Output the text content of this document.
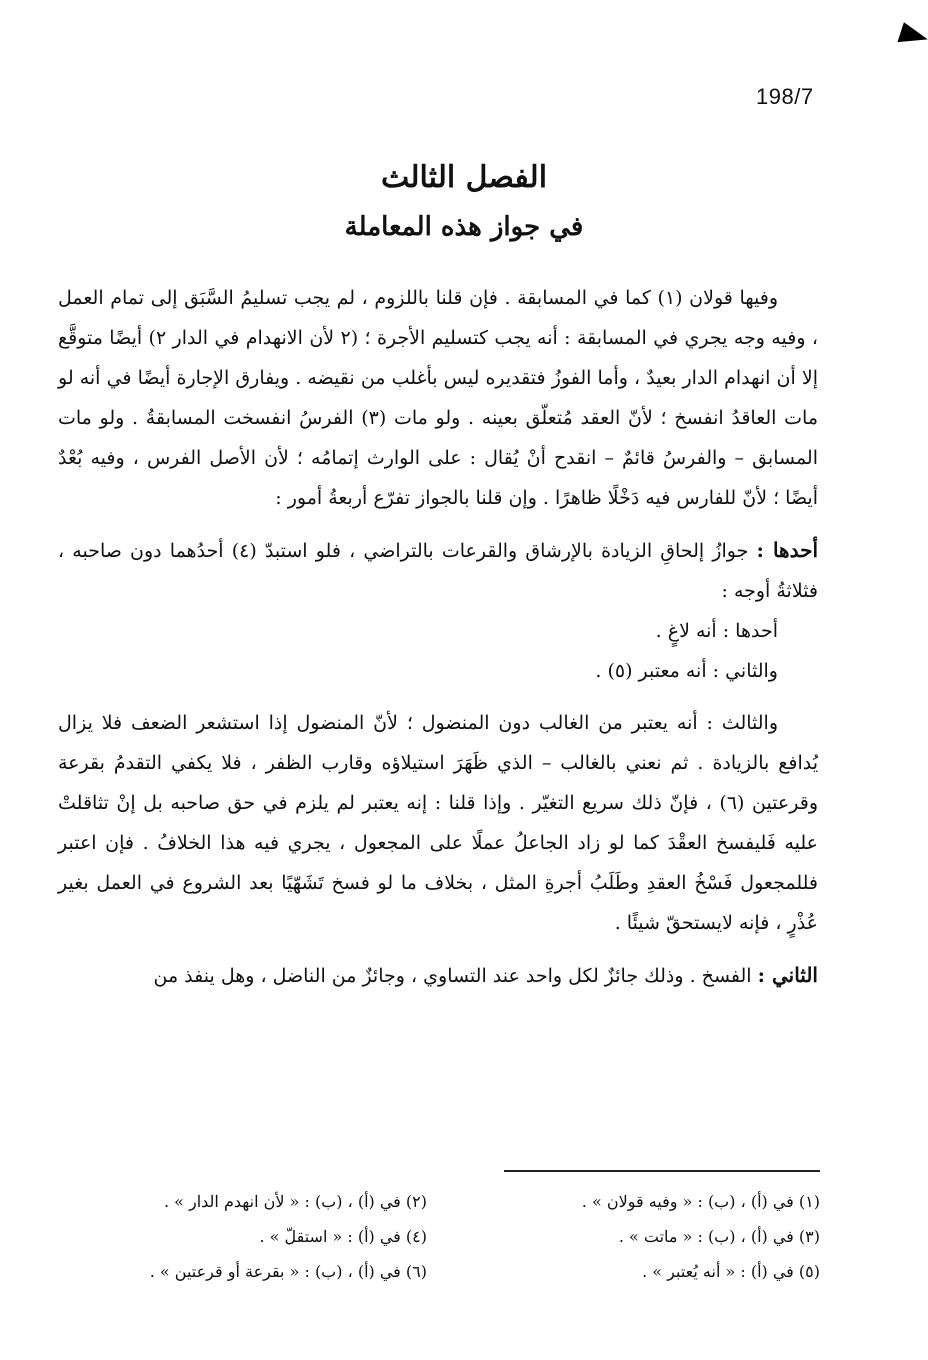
198/7
الفصل الثالث
في جواز هذه المعاملة

وفيها قولان (١) كما في المسابقة . فإن قلنا باللزوم ، لم يجب تسليمُ السَّبَق إلى تمام العمل ، وفيه وجه يجري في المسابقة : أنه يجب كتسليم الأجرة ؛ (٢ لأن الانهدام في الدار ٢) أيضًا متوقَّع إلا أن انهدام الدار بعيدٌ ، وأما الفوزُ فتقديره ليس بأغلب من نقيضه . ويفارق الإجارة أيضًا في أنه لو مات العاقدُ انفسخ ؛ لأنّ العقد مُتعلّق بعينه . ولو مات (٣) الفرسُ انفسخت المسابقةُ . ولو مات المسابق – والفرسُ قائمٌ – انقدح أنْ يُقال : على الوارث إتمامُه ؛ لأن الأصل الفرس ، وفيه بُعْدٌ أيضًا ؛ لأنّ للفارس فيه دَخْلًا ظاهرًا . وإن قلنا بالجواز تفرّع أربعةُ أمور :

أحدها : جوازُ إلحاقِ الزيادة بالإرشاق والقرعات بالتراضي ، فلو استبدّ (٤) أحدُهما دون صاحبه ، فثلاثةُ أوجه :

أحدها : أنه لاغٍ .

والثاني : أنه معتبر (٥) .

والثالث : أنه يعتبر من الغالب دون المنضول ؛ لأنّ المنضول إذا استشعر الضعف فلا يزال يُدافع بالزيادة . ثم نعني بالغالب – الذي ظَهَرَ استيلاؤه وقارب الظفر ، فلا يكفي التقدمُ بقرعة وقرعتين (٦) ، فإنّ ذلك سريع التغيّر . وإذا قلنا : إنه يعتبر لم يلزم في حق صاحبه بل إنْ تثاقلتْ عليه فَليفسخ العقْدَ كما لو زاد الجاعلُ عملًا على المجعول ، يجري فيه هذا الخلافُ . فإن اعتبر فللمجعول فَسْخُ العقدِ وطَلَبُ أجرةِ المثل ، بخلاف ما لو فسخ تَشَهّيًا بعد الشروع في العمل بغير عُذْرٍ ، فإنه لايستحقّ شيئًا .

الثاني : الفسخ . وذلك جائزٌ لكل واحد عند التساوي ، وجائزٌ من الناضل ، وهل ينفذ من

(١) في (أ) ، (ب) : « وفيه قولان » .
(٢) في (أ) ، (ب) : « لأن انهدم الدار » .
(٣) في (أ) ، (ب) : « ماتت » .
(٤) في (أ) : « استقلّ » .
(٥) في (أ) : « أنه يُعتبر » .
(٦) في (أ) ، (ب) : « بقرعة أو قرعتين » .
